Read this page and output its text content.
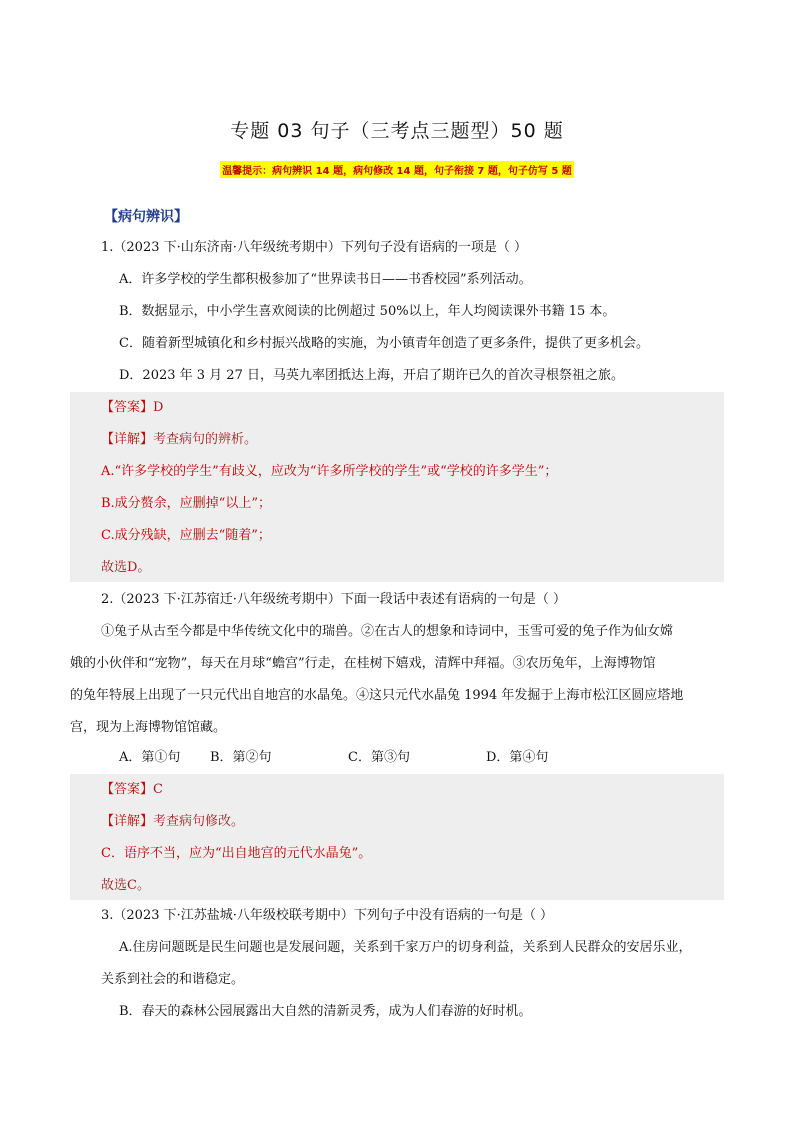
专题 03 句子（三考点三题型）50 题
温馨提示：病句辨识 14 题，病句修改 14 题，句子衔接 7 题，句子仿写 5 题
【病句辨识】
1.（2023 下·山东济南·八年级统考期中）下列句子没有语病的一项是（ ）
A．许多学校的学生都积极参加了“世界读书日——书香校园”系列活动。
B．数据显示，中小学生喜欢阅读的比例超过 50%以上，年人均阅读课外书籍 15 本。
C．随着新型城镇化和乡村振兴战略的实施，为小镇青年创造了更多条件，提供了更多机会。
D．2023 年 3 月 27 日，马英九率团抵达上海，开启了期许已久的首次寻根祭祖之旅。
【答案】D
【详解】考查病句的辨析。
A.“许多学校的学生”有歧义，应改为“许多所学校的学生”或“学校的许多学生”；
B.成分赘余，应删掉“以上”；
C.成分残缺，应删去“随着”；
故选D。
2.（2023 下·江苏宿迁·八年级统考期中）下面一段话中表述有语病的一句是（ ）
①兔子从古至今都是中华传统文化中的瑞兽。②在古人的想象和诗词中，玉雪可爱的兔子作为仙女嫦
娥的小伙伴和“宠物”，每天在月球“蟾宫”行走，在桂树下嬉戏，清辉中拜福。③农历兔年，上海博物馆
的兔年特展上出现了一只元代出自地宫的水晶兔。④这只元代水晶兔 1994 年发掘于上海市松江区圆应塔地
宫，现为上海博物馆馆藏。
A．第①句 B．第②句	C．第③句	D．第④句
【答案】C
【详解】考查病句修改。
C．语序不当，应为“出自地宫的元代水晶兔”。
故选C。
3.（2023 下·江苏盐城·八年级校联考期中）下列句子中没有语病的一句是（ ）
A.住房问题既是民生问题也是发展问题，关系到千家万户的切身利益，关系到人民群众的安居乐业，
关系到社会的和谐稳定。
B．春天的森林公园展露出大自然的清新灵秀，成为人们春游的好时机。
